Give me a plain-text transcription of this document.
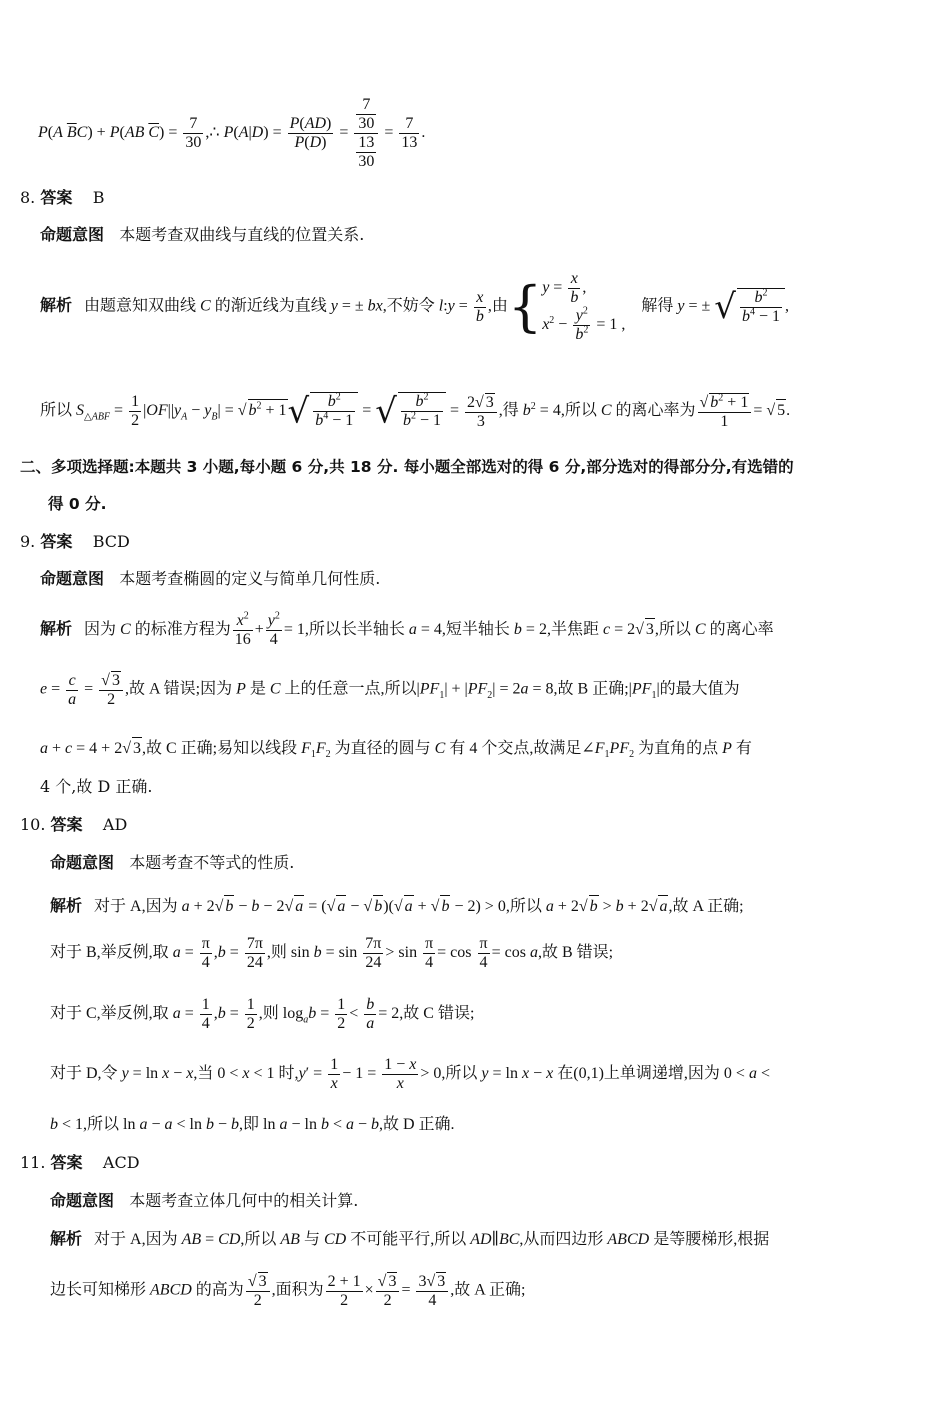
P(A $\overline{B}C) + P(AB$ $\overline{C}) = \frac{7}{30}$ ,∴ $P(A|D) = \frac{P(AD)}{P(D)} = \frac{\frac{7}{30}}{\frac{13}{30}} = \frac{7}{13}$ .
8. 答案 B
命题意图 本题考查双曲线与直线的位置关系.
解析   由题意知双曲线 C 的渐近线为直线 y = ± bx,不妨令 l:y = $\frac{x}{b}$ ,由{ $y = \frac{x}{b}$ ,
$x^2 - \frac{y^2}{b^2} = 1$ ,
解得 y = ± √ $\frac{b^2}{b^4 - 1}$ ,
所以 $S_{\triangle ABF} = \frac{1}{2} |OF||y_A - y_B|$ = √ $b^2 + 1√ \frac{b^2}{b^4 - 1}$ = √ $\frac{b^2}{b^2 - 1} = \frac{2√ 3}{3}$ ,得 $b^2 = 4$,所以 C 的离心率为 $\frac{√ b^2 + 1}{1}$ = √ 5.
二、多项选择题:本题共 3 小题,每小题 6 分,共 18 分. 每小题全部选对的得 6 分,部分选对的得部分分,有选错的
得 0 分.
9. 答案 BCD
命题意图 本题考查椭圆的定义与简单几何性质.
解析   因为 C 的标准方程为 $\frac{x^2}{16} + \frac{y^2}{4} = 1$,所以长半轴长 a = 4,短半轴长 b = 2,半焦距 c = 2√ 3,所以 C 的离心率
$e = \frac{c}{a} = \frac{√ 3}{2}$ ,故 A 错误;因为 P 是 C 上的任意一点,所以$|PF_1| + |PF_2| = 2a = 8$,故 B 正确$;|PF_1|$的最大值为
a + c = 4 + 2√ 3,故 C 正确;易知以线段 $F_1F_2$ 为直径的圆与 C 有 4 个交点,故满足$\angle F_1PF_2$ 为直角的点 P 有
4 个,故 D 正确.
10. 答案 AD
命题意图 本题考查不等式的性质.
解析   对于 A,因为 a + 2√ b − b − 2√ a = (√ a − √ b)(√ a + √ b − 2) > 0,所以 a + 2√ b > b + 2√ a,故 A 正确;
对于 B,举反例,取 $a = \frac{\pi}{4} ,b = \frac{7\pi}{24}$ ,则 $\sin b = \sin \frac{7\pi}{24} > \sin \frac{\pi}{4} = \cos \frac{\pi}{4} = \cos a$,故 B 错误;
对于 C,举反例,取 $a = \frac{1}{4} ,b = \frac{1}{2}$ ,则 $\log_ab = \frac{1}{2} < \frac{b}{a} = 2$,故 C 错误;
对于 D,令 y = ln x − x,当 0 < x < 1 时$,y' = \frac{1}{x} - 1 = \frac{1 - x}{x} > 0$,所以 y = ln x − x 在(0,1)上单调递增,因为 0 < a <
b < 1,所以 ln a − a < ln b − b,即 ln a − ln b < a − b,故 D 正确.
11. 答案 ACD
命题意图 本题考查立体几何中的相关计算.
解析   对于 A,因为 AB = CD,所以 AB 与 CD 不可能平行,所以 AD∥BC,从而四边形 ABCD 是等腰梯形,根据
边长可知梯形 ABCD 的高为 $\frac{√ 3}{2}$ ,面积为 $\frac{2 + 1}{2} \times \frac{√ 3}{2} = \frac{3√ 3}{4}$ ,故 A 正确;
